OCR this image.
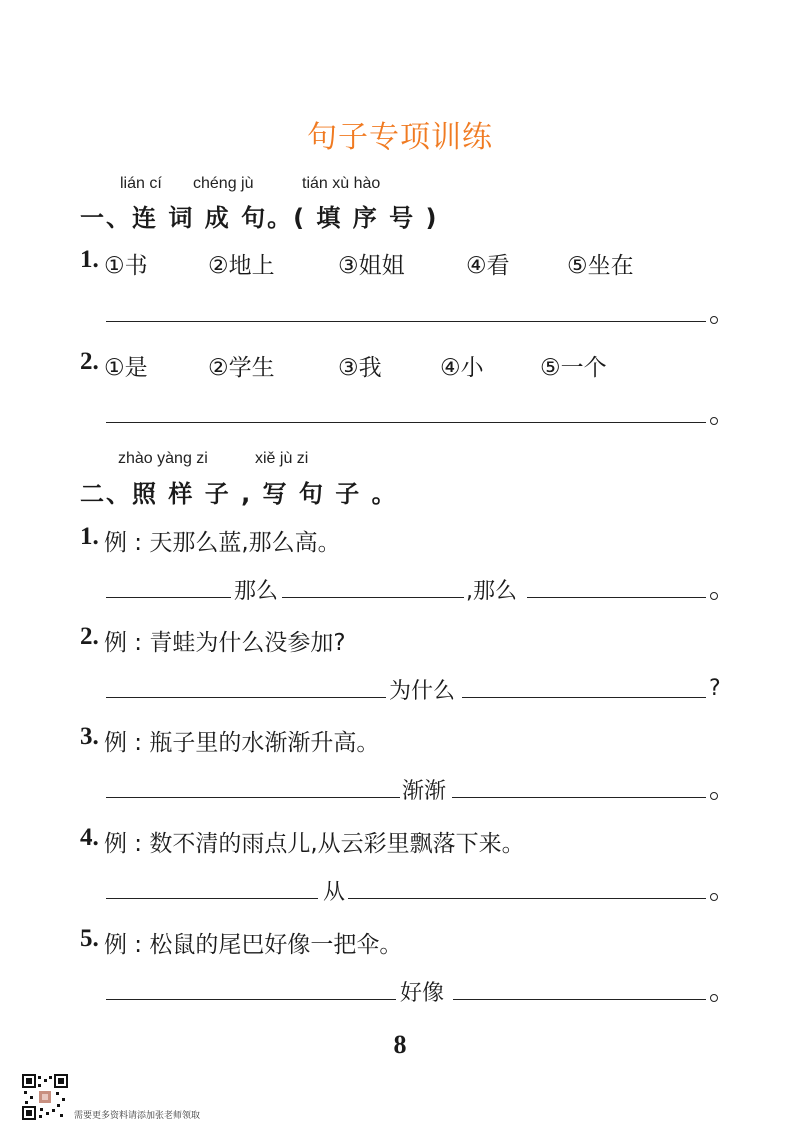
句子专项训练
lián cí chéng jù	tián xù hào
一、连 词 成 句。( 填 序 号 )
1. ①书	②地上	③姐姐	④看 ⑤坐在
2. ①是	②学生	③我	④小 ⑤一个
zhào yàng zi	xiě jù zi
二、照 样 子 , 写 句 子 。
1. 例 : 天那么蓝,那么高。
那么	,那么
2. 例 : 青蛙为什么没参加?
为什么	?
3. 例 : 瓶子里的水渐渐升高。
渐渐
4. 例 : 数不清的雨点儿,从云彩里飘落下来。
从
5. 例 : 松鼠的尾巴好像一把伞。
好像
8
需要更多资料请添加张老师领取
